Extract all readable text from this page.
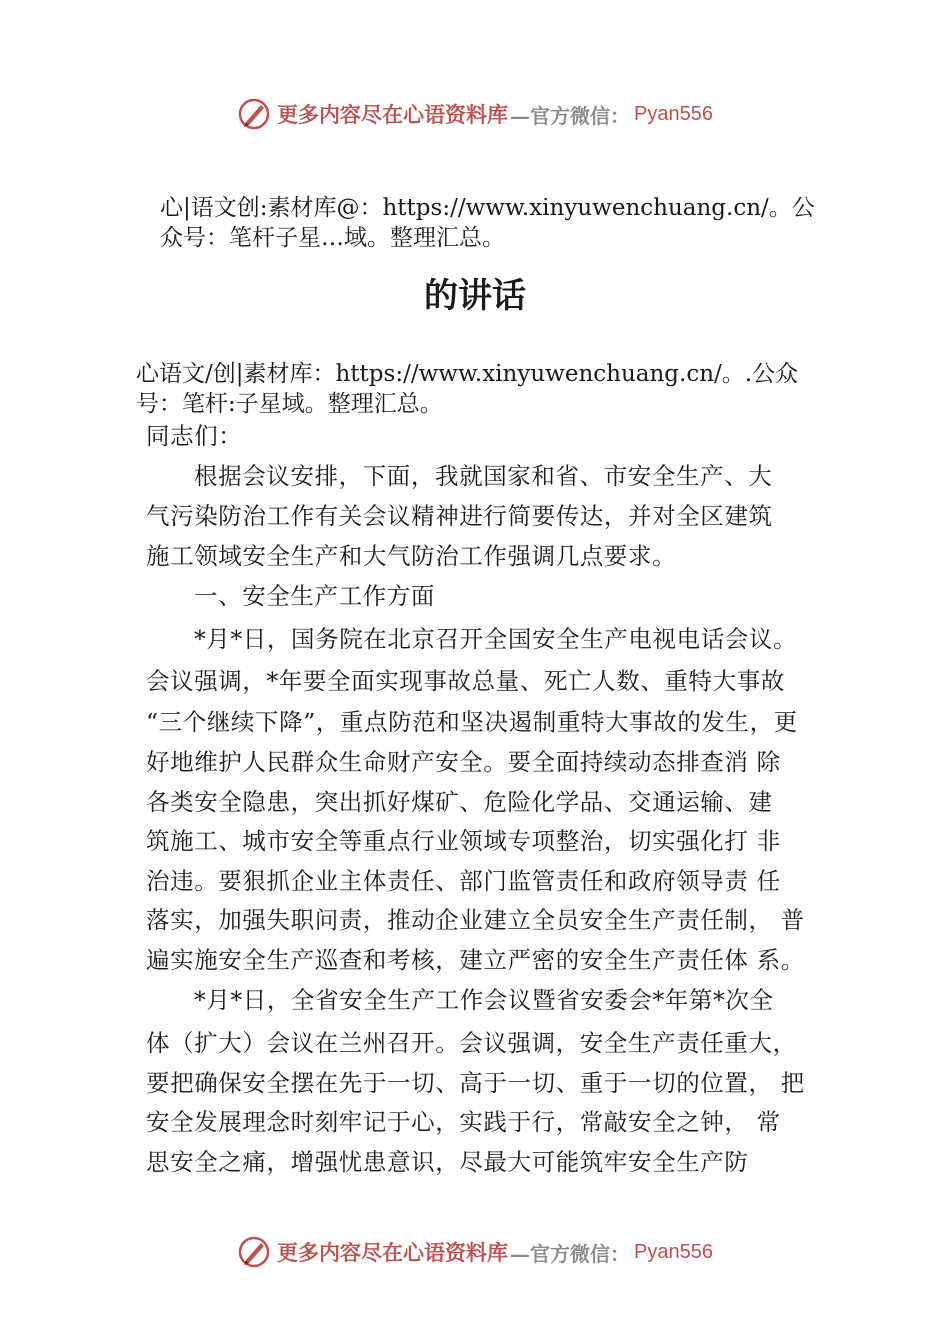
更多内容尽在心语资料库 —官方微信： Pyan556
心|语文创:素材库@：https://www.xinyuwenchuang.cn/。公
众号：笔杆子星…域。整理汇总。
的讲话
心语文/创|素材库：https://www.xinyuwenchuang.cn/。.公众
号：笔杆:子星域。整理汇总。
同志们：
根据会议安排，下面，我就国家和省、市安全生产、大
气污染防治工作有关会议精神进行简要传达，并对全区建筑
施工领域安全生产和大气防治工作强调几点要求。
一、安全生产工作方面
*月*日，国务院在北京召开全国安全生产电视电话会议。
会议强调，*年要全面实现事故总量、死亡人数、重特大事故
“三个继续下降”，重点防范和坚决遏制重特大事故的发生，更
好地维护人民群众生命财产安全。要全面持续动态排查消 除
各类安全隐患，突出抓好煤矿、危险化学品、交通运输、建
筑施工、城市安全等重点行业领域专项整治，切实强化打 非
治违。要狠抓企业主体责任、部门监管责任和政府领导责 任
落实，加强失职问责，推动企业建立全员安全生产责任制， 普
遍实施安全生产巡查和考核，建立严密的安全生产责任体 系。
*月*日，全省安全生产工作会议暨省安委会*年第*次全
体（扩大）会议在兰州召开。会议强调，安全生产责任重大，
要把确保安全摆在先于一切、高于一切、重于一切的位置， 把
安全发展理念时刻牢记于心，实践于行，常敲安全之钟， 常
思安全之痛，增强忧患意识，尽最大可能筑牢安全生产防
更多内容尽在心语资料库 —官方微信： Pyan556
